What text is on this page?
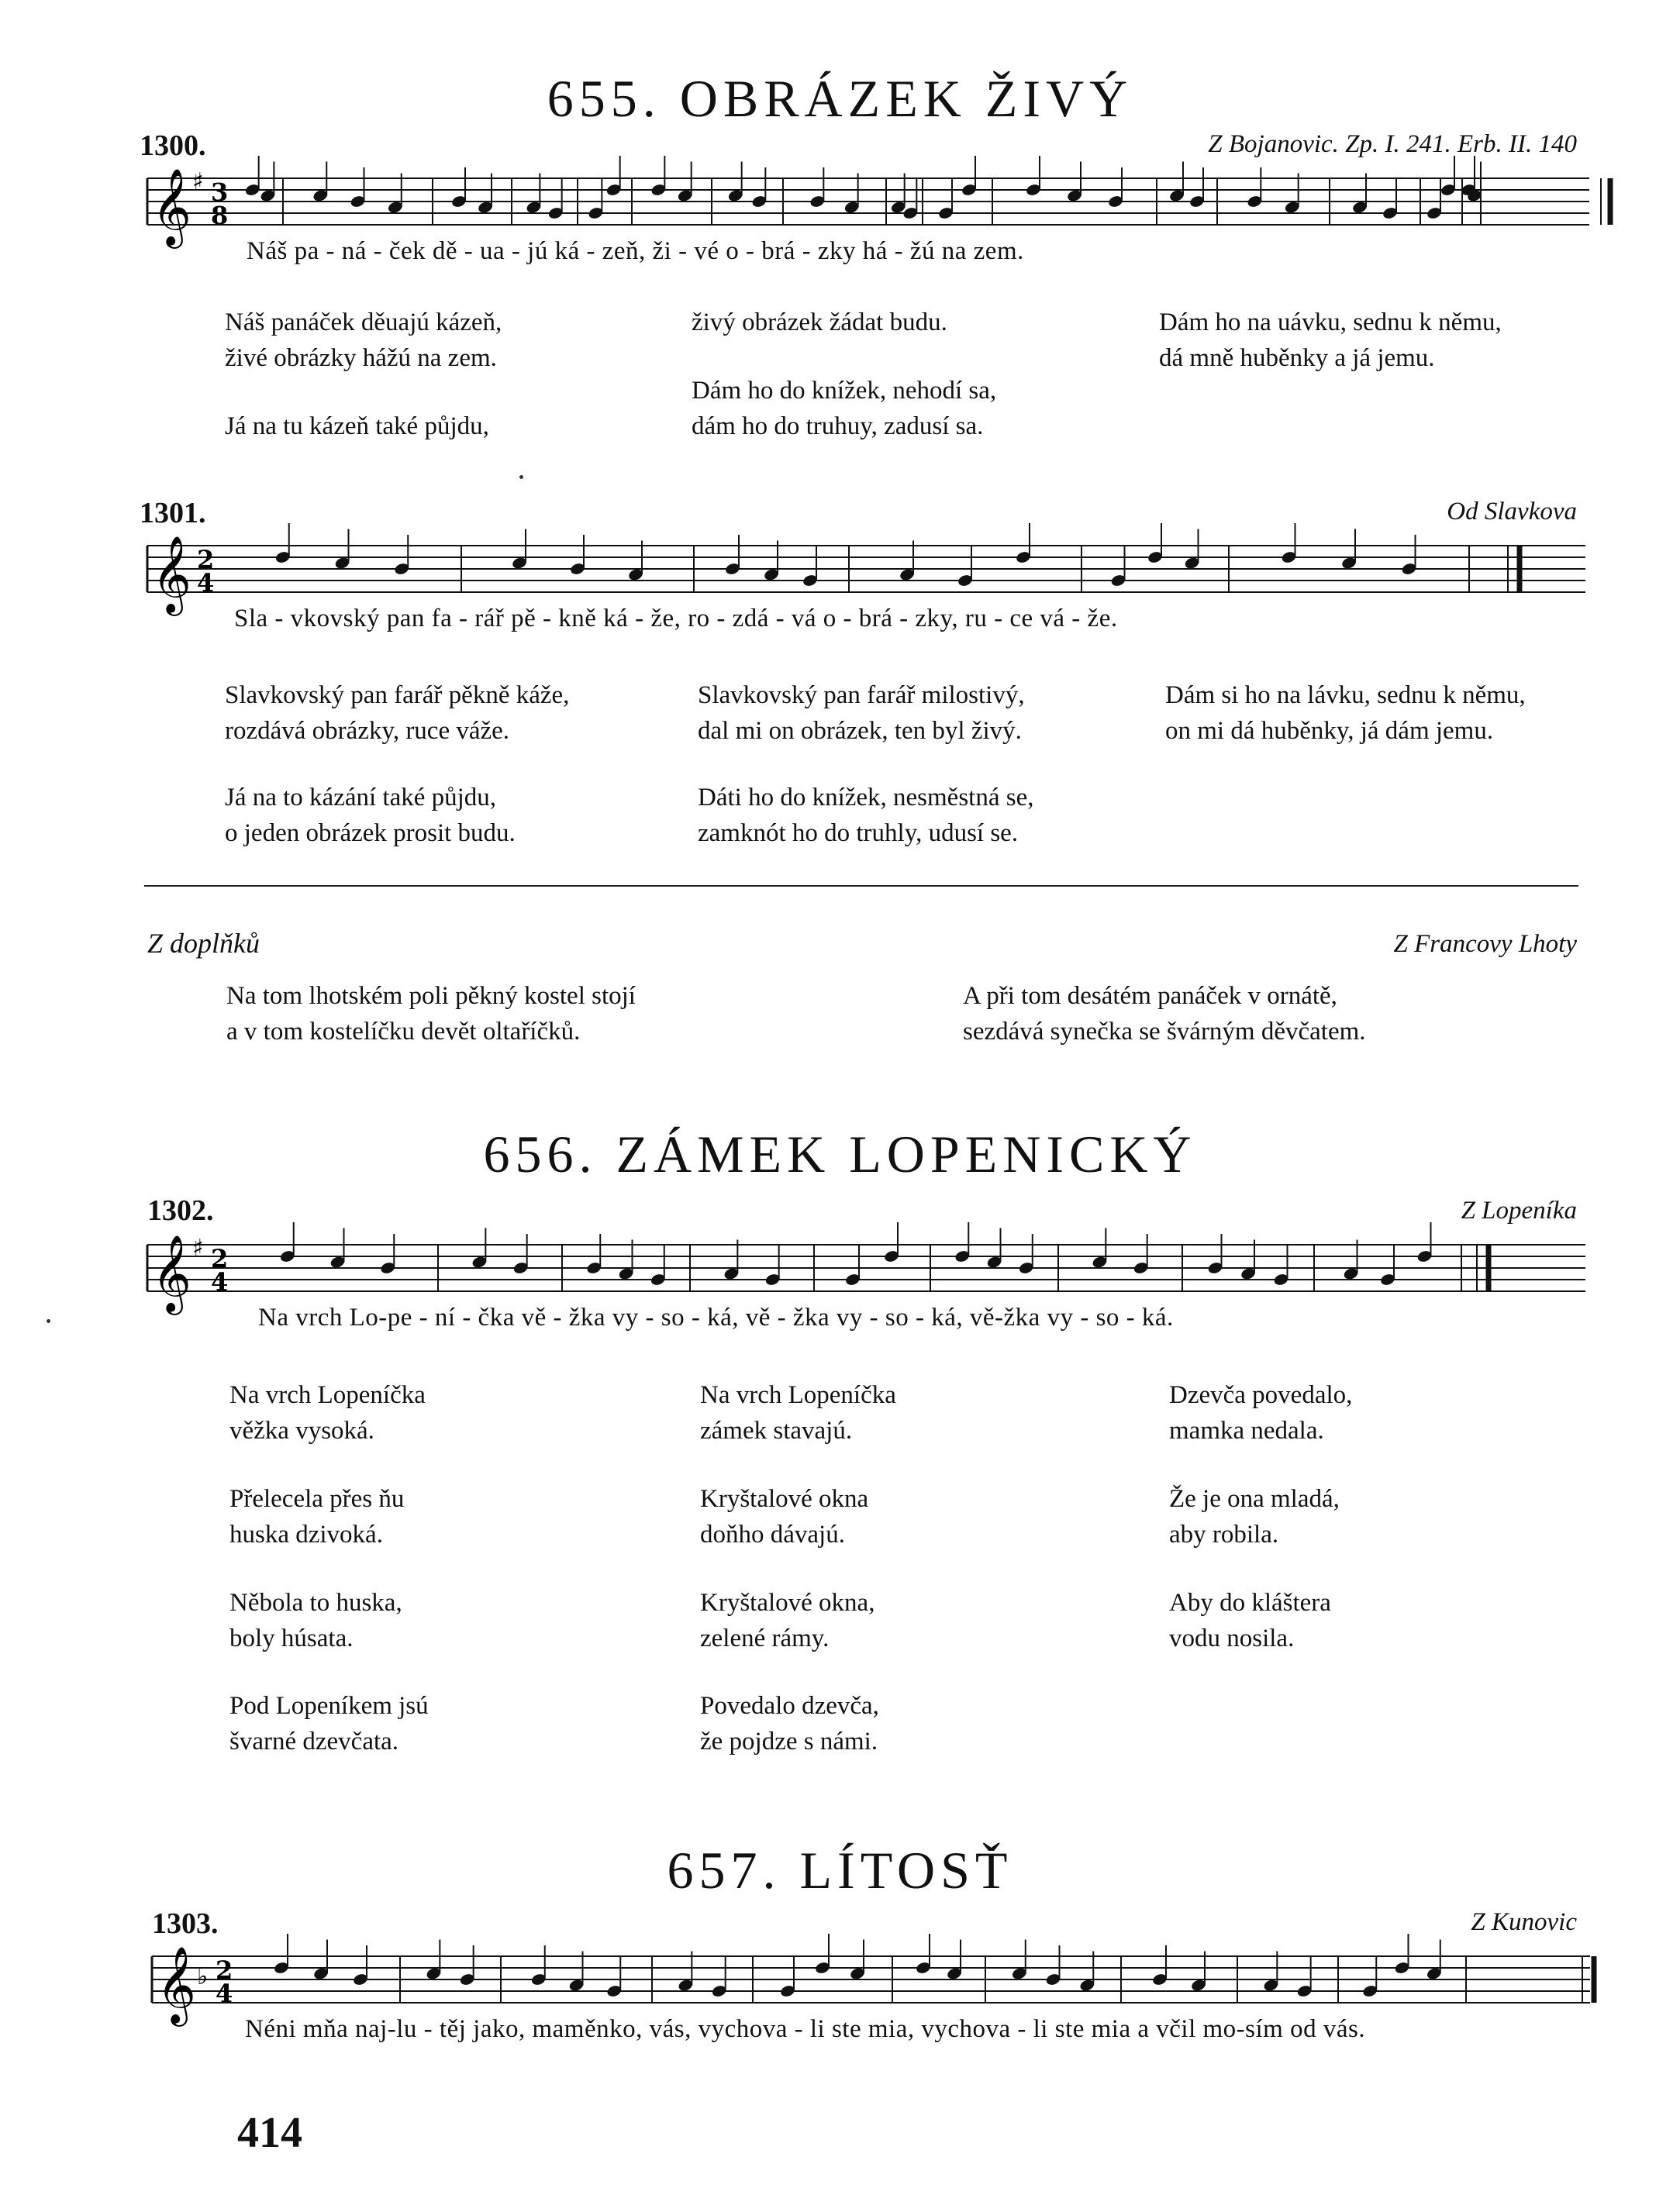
655. OBRÁZEK ŽIVÝ
1300.	Z Bojanovic. Zp. I. 241. Erb. II. 140
𝄞 ♯ 3
8
Náš pa - ná - ček dě - ua - jú ká - zeň, ži - vé o - brá - zky há - žú na zem.
Náš panáček děuajú kázeň,
živé obrázky hážú na zem.
Já na tu kázeň také půjdu,
živý obrázek žádat budu.
Dám ho do knížek, nehodí sa,
dám ho do truhuy, zadusí sa.
Dám ho na uávku, sednu k němu,
dá mně huběnky a já jemu.
1301.	Od Slavkova
𝄞 2
4
Sla - vkovský pan fa - rář pě - kně ká - že, ro - zdá - vá o - brá - zky, ru - ce vá - že.
Slavkovský pan farář pěkně káže,
rozdává obrázky, ruce váže.
Já na to kázání také půjdu,
o jeden obrázek prosit budu.
Slavkovský pan farář milostivý,
dal mi on obrázek, ten byl živý.
Dáti ho do knížek, nesměstná se,
zamknót ho do truhly, udusí se.
Dám si ho na lávku, sednu k němu,
on mi dá huběnky, já dám jemu.
Z doplňků	Z Francovy Lhoty
Na tom lhotském poli pěkný kostel stojí
a v tom kostelíčku devět oltaříčků.
A při tom desátém panáček v ornátě,
sezdává synečka se švárným děvčatem.
656. ZÁMEK LOPENICKÝ
1302.	Z Lopeníka
𝄞 ♯ 2
4
Na vrch Lo-pe - ní - čka vě - žka vy - so - ká, vě - žka vy - so - ká, vě-žka vy - so - ká.
Na vrch Lopeníčka
věžka vysoká.
Přelecela přes ňu
huska dzivoká.
Něbola to huska,
boly húsata.
Pod Lopeníkem jsú
švarné dzevčata.
Na vrch Lopeníčka
zámek stavajú.
Kryštalové okna
doňho dávajú.
Kryštalové okna,
zelené rámy.
Povedalo dzevča,
že pojdze s námi.
Dzevča povedalo,
mamka nedala.
Že je ona mladá,
aby robila.
Aby do kláštera
vodu nosila.
657. LÍTOSŤ
1303.	Z Kunovic
𝄞 ♭ 2
4
Néni mňa naj-lu - těj jako, maměnko, vás, vychova - li ste mia, vychova - li ste mia a včil mo-sím od vás.
414
